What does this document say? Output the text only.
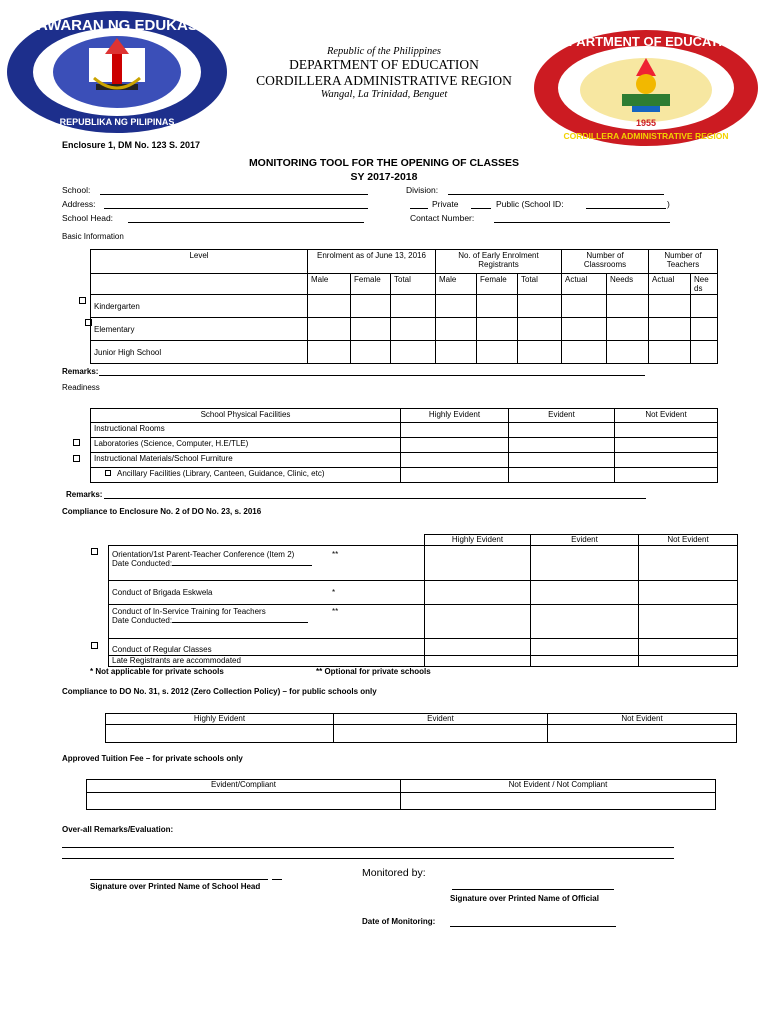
KAGAWARAN NG EDUKASYON
REPUBLIKA NG PILIPINAS
Republic of the Philippines
DEPARTMENT OF EDUCATION
CORDILLERA ADMINISTRATIVE REGION
Wangal, La Trinidad, Benguet
DEPARTMENT OF EDUCATION
1955
CORDILLERA ADMINISTRATIVE REGION
Enclosure 1, DM No. 123 S. 2017
MONITORING TOOL FOR THE OPENING OF CLASSES
SY 2017-2018
School:	Division:
Address:	Private	Public (School ID:	)
School Head:	Contact Number:
Basic Information
Level	Enrolment as of June 13, 2016			No. of Early Enrolment Registrants			Number of Classrooms		Number of Teachers	
	Male	Female	Total	Male	Female	Total	Actual	Needs	Actual	Nee ds
Kindergarten										
Elementary										
Junior High School										
Remarks:
Readiness
School Physical Facilities	Highly Evident	Evident	Not Evident
Instructional Rooms			
Laboratories (Science, Computer, H.E/TLE)			
Instructional Materials/School Furniture			
Ancillary Facilities (Library, Canteen, Guidance, Clinic, etc)			
Remarks:
Compliance to Enclosure No. 2 of DO No. 23, s. 2016
	Highly Evident	Evident	Not Evident

Orientation/1st Parent-Teacher Conference (Item 2) **
Date Conducted:			

Conduct of Brigada Eskwela *			

Conduct of In-Service Training for Teachers **
Date Conducted:			

Conduct of Regular Classes			
Late Registrants are accommodated			
* Not applicable for private schools	** Optional for private schools
Compliance to DO No. 31, s. 2012 (Zero Collection Policy) – for public schools only
Highly Evident	Evident	Not Evident

Approved Tuition Fee – for private schools only
Evident/Compliant	Not Evident / Not Compliant

Over-all Remarks/Evaluation:
Signature over Printed Name of School Head
Monitored by:
Signature over Printed Name of Official
Date of Monitoring:
